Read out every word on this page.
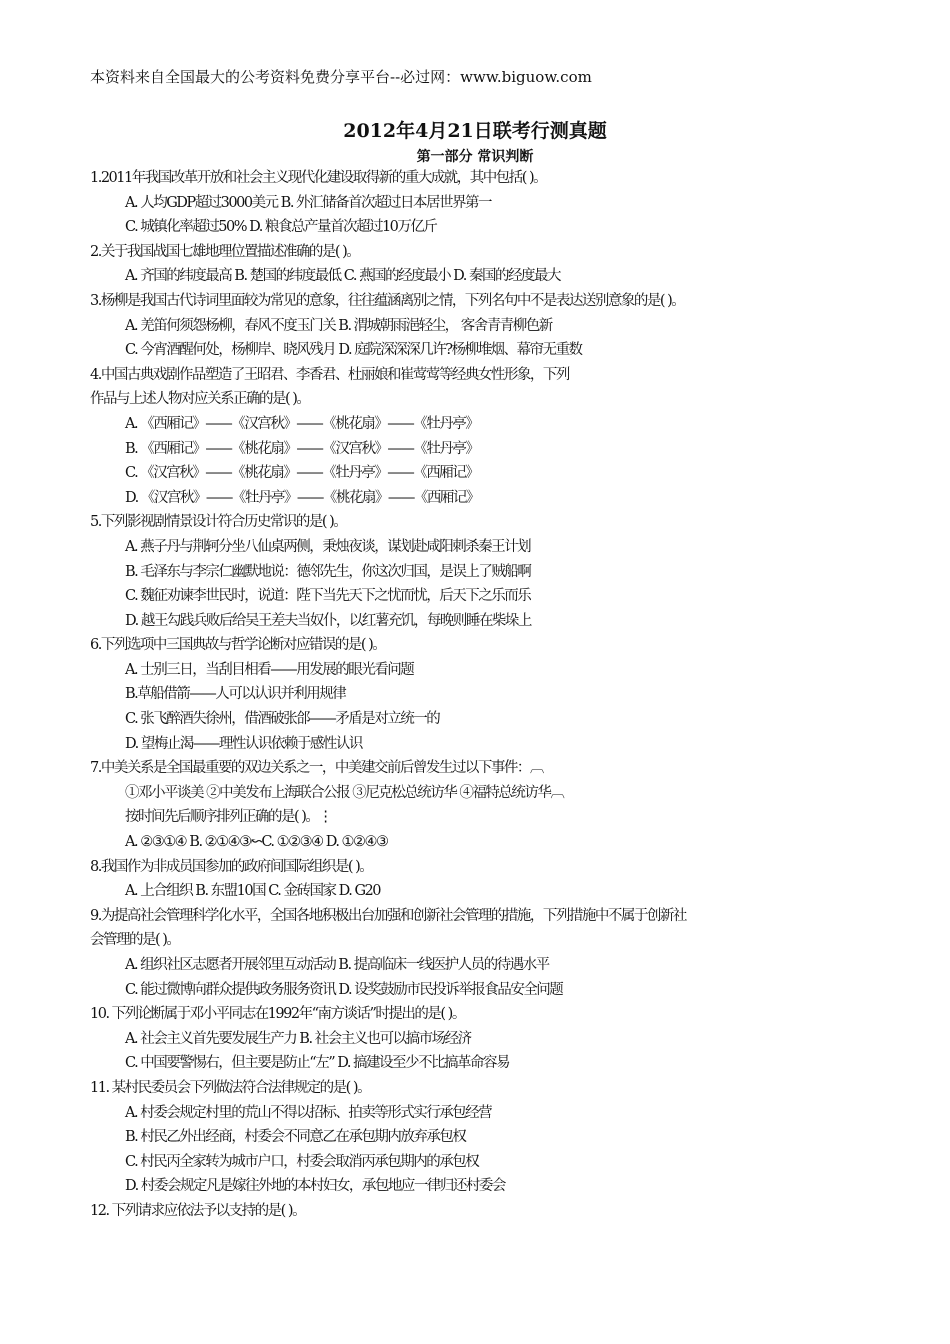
本资料来自全国最大的公考资料免费分享平台--必过网：www.biguow.com
2012年4月21日联考行测真题
第一部分 常识判断
1.2011年我国改革开放和社会主义现代化建设取得新的重大成就，其中包括( )。
A. 人均GDP超过3000美元 B. 外汇储备首次超过日本居世界第一
C. 城镇化率超过50% D. 粮食总产量首次超过10万亿斤
2.关于我国战国七雄地理位置描述准确的是( )。
A. 齐国的纬度最高 B. 楚国的纬度最低 C. 燕国的经度最小 D. 秦国的经度最大
3.杨柳是我国古代诗词里面较为常见的意象，往往蕴涵离别之情，下列名句中不是表达送别意象的是( )。
A. 羌笛何须怨杨柳，春风不度玉门关 B. 渭城朝雨浥轻尘， 客舍青青柳色新
C. 今宵酒醒何处，杨柳岸、晓风残月 D. 庭院深深深几许?杨柳堆烟、幕帘无重数
4.中国古典戏剧作品塑造了王昭君、李香君、杜丽娘和崔莺莺等经典女性形象，下列
作品与上述人物对应关系正确的是( )。
A. 《西厢记》——《汉宫秋》——《桃花扇》——《牡丹亭》
B. 《西厢记》——《桃花扇》——《汉宫秋》——《牡丹亭》
C. 《汉宫秋》——《桃花扇》——《牡丹亭》——《西厢记》
D. 《汉宫秋》——《牡丹亭》——《桃花扇》——《西厢记》
5.下列影视剧情景设计符合历史常识的是( )。
A. 燕子丹与荆轲分坐八仙桌两侧，秉烛夜谈，谋划赴咸阳刺杀秦王计划
B. 毛泽东与李宗仁幽默地说：德邻先生，你这次归国，是误上了贼船啊
C. 魏征劝谏李世民时，说道：陛下当先天下之忧而忧，后天下之乐而乐
D. 越王勾践兵败后给吴王差夫当奴仆，以红薯充饥，每晚则睡在柴垛上
6.下列选项中三国典故与哲学论断对应错误的是( )。
A. 士别三日，当刮目相看——用发展的眼光看问题
B.草船借箭——人可以认识并利用规律
C. 张飞醉酒失徐州，借酒破张郃——矛盾是对立统一的
D. 望梅止渴——理性认识依赖于感性认识
7.中美关系是全国最重要的双边关系之一，中美建交前后曾发生过以下事件：︹
①邓小平谈美 ②中美发布上海联合公报 ③尼克松总统访华 ④福特总统访华︹
按时间先后顺序排列正确的是( )。⋮
A. ②③①④ B. ②①④③↜C. ①②③④ D. ①②④③
8.我国作为非成员国参加的政府间国际组织是( )。
A. 上合组织 B. 东盟10国 C. 金砖国家 D. G20
9.为提高社会管理科学化水平，全国各地积极出台加强和创新社会管理的措施，下列措施中不属于创新社
会管理的是( )。
A. 组织社区志愿者开展邻里互动活动 B. 提高临床一线医护人员的待遇水平
C. 能过微博向群众提供政务服务资讯 D. 设奖鼓励市民投诉举报食品安全问题
10. 下列论断属于邓小平同志在1992年“南方谈话”时提出的是( )。
A. 社会主义首先要发展生产力 B. 社会主义也可以搞市场经济
C. 中国要警惕右，但主要是防止“左” D. 搞建设至少不比搞革命容易
11. 某村民委员会下列做法符合法律规定的是( )。
A. 村委会规定村里的荒山不得以招标、拍卖等形式实行承包经营
B. 村民乙外出经商，村委会不同意乙在承包期内放弃承包权
C. 村民丙全家转为城市户口，村委会取消丙承包期内的承包权
D. 村委会规定凡是嫁往外地的本村妇女，承包地应一律归还村委会
12. 下列请求应依法予以支持的是( )。
